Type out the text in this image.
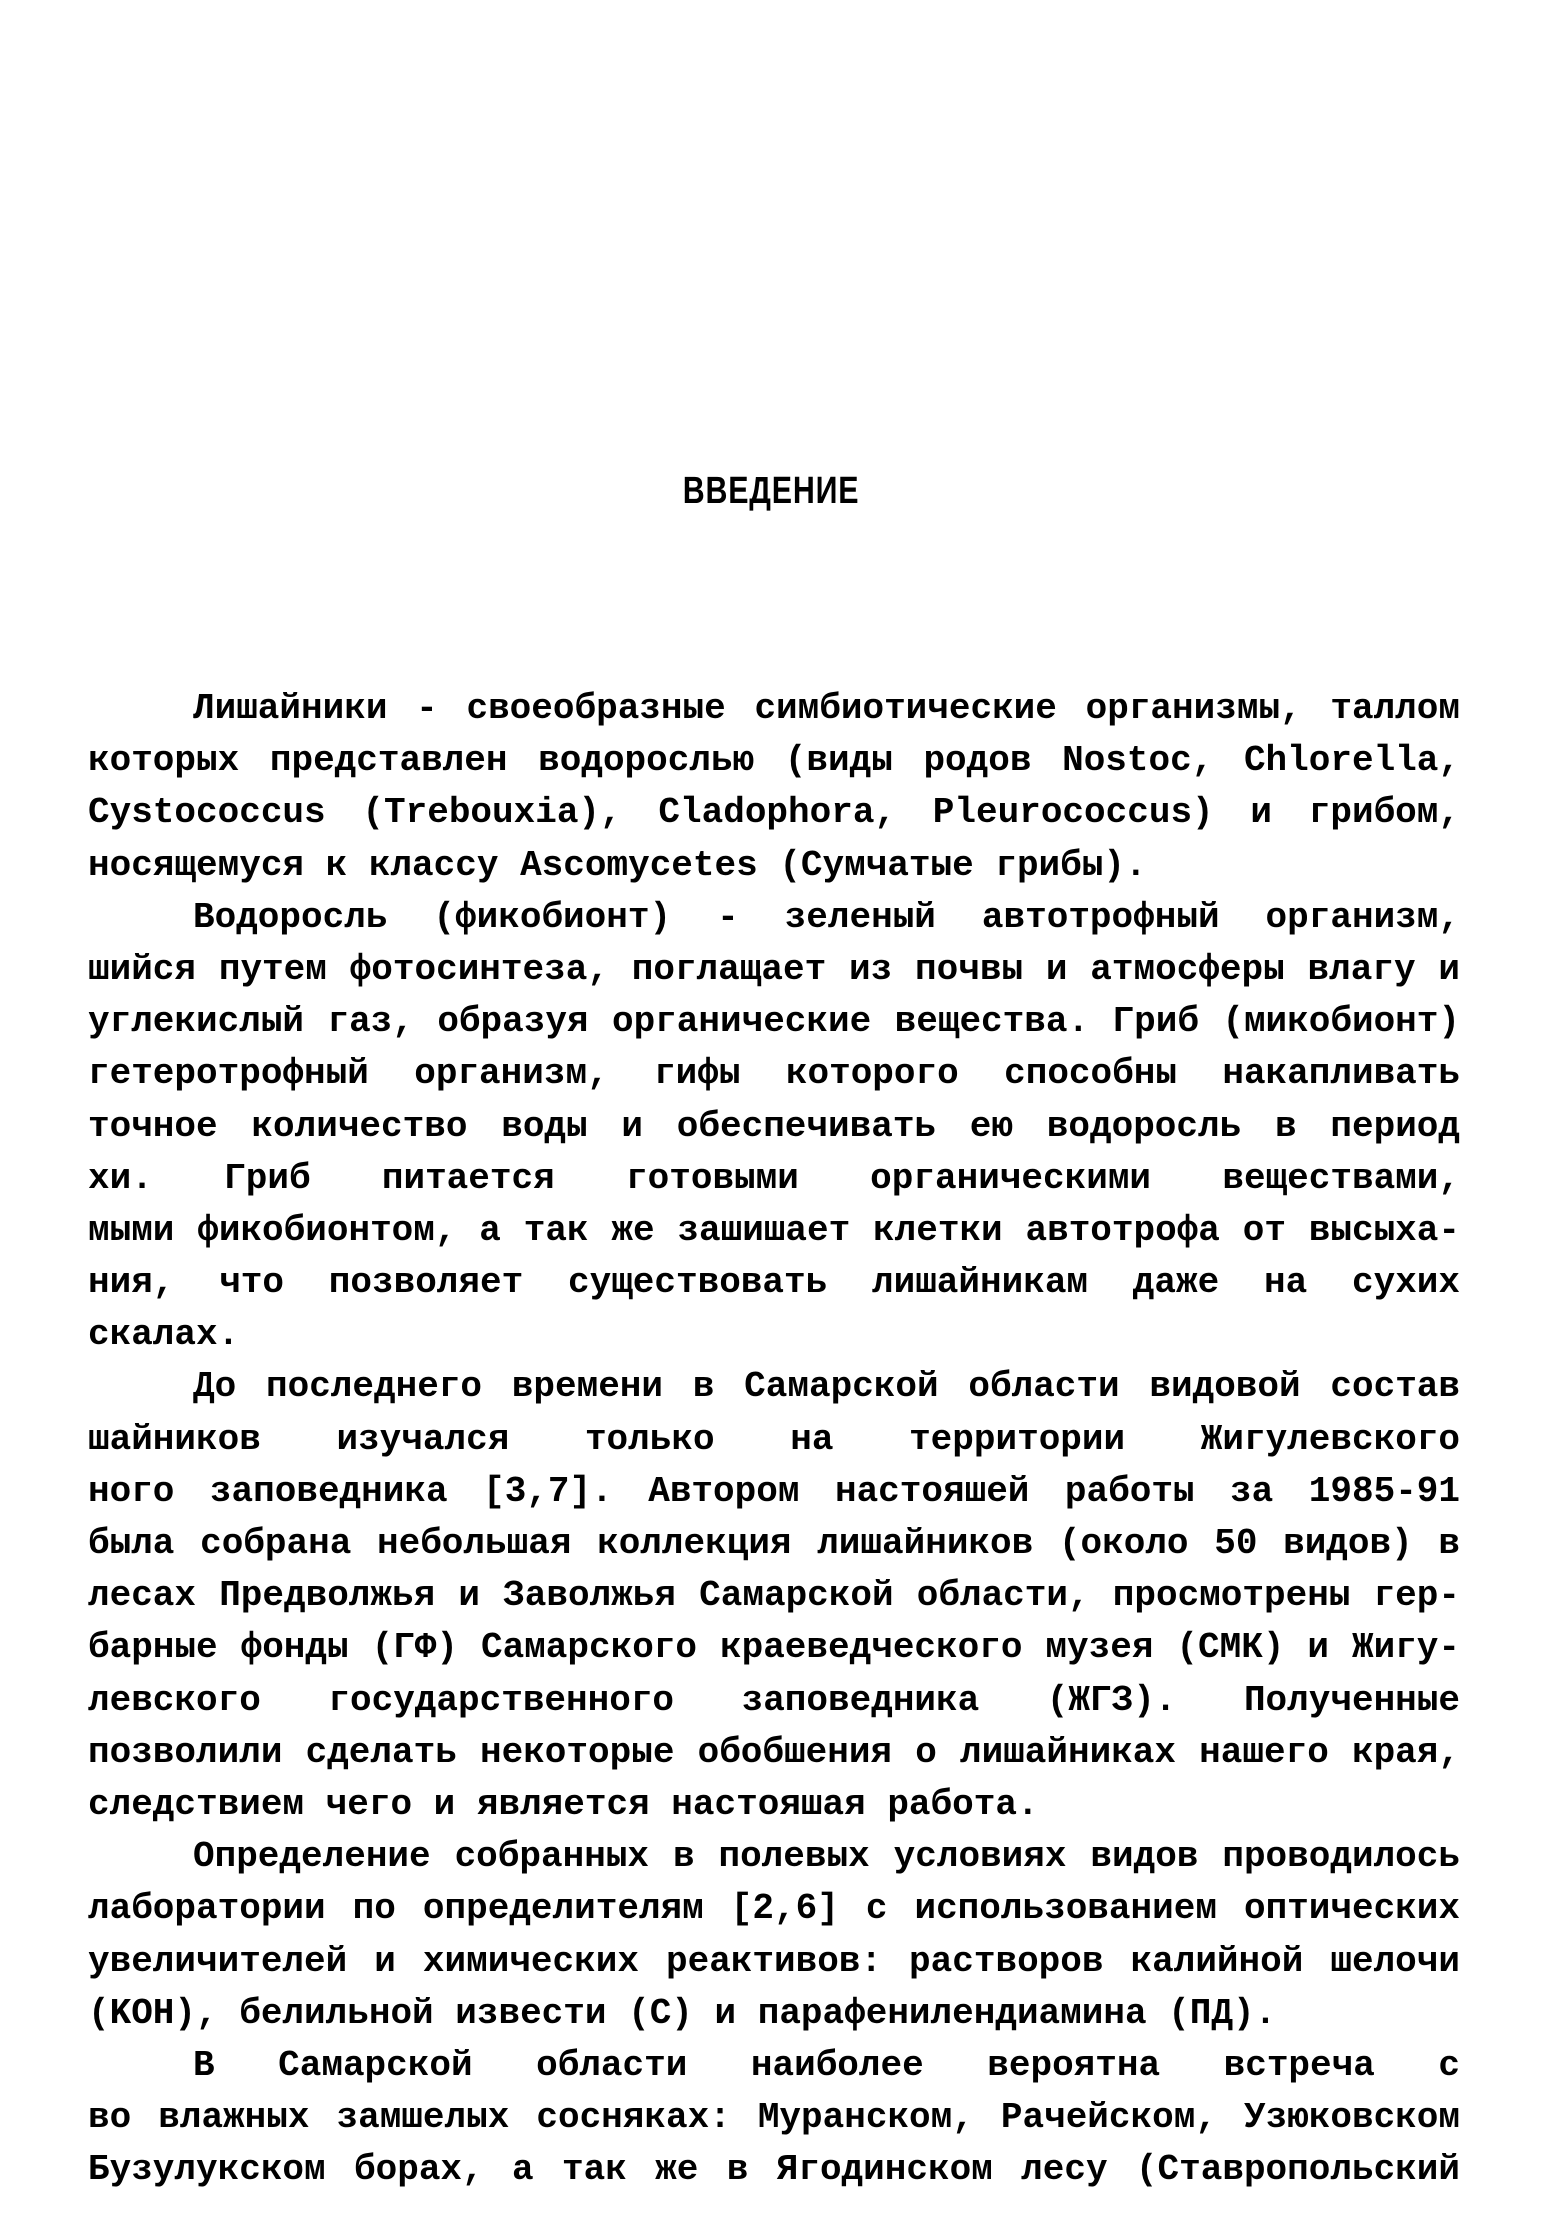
ВВЕДЕНИЕ
Лишайники - своеобразные симбиотические организмы, таллом
которых представлен водорослью (виды родов Nostoc, Chlorella,
Cystococcus (Trebouxia), Cladophora, Pleurococcus) и грибом,
носящемуся к классу Ascomycetes (Сумчатые грибы).
Водоросль (фикобионт) - зеленый автотрофный организм,
шийся путем фотосинтеза, поглащает из почвы и атмосферы влагу и
углекислый газ, образуя органические вещества. Гриб (микобионт)
гетеротрофный организм, гифы которого способны накапливать
точное количество воды и обеспечивать ею водоросль в период
хи. Гриб питается готовыми органическими веществами,
мыми фикобионтом, а так же зашишает клетки автотрофа от высыха-
ния, что позволяет существовать лишайникам даже на сухих
скалах.
До последнего времени в Самарской области видовой состав
шайников изучался только на территории Жигулевского
ного заповедника [3,7]. Автором настояшей работы за 1985-91
была собрана небольшая коллекция лишайников (около 50 видов) в
лесах Предволжья и Заволжья Самарской области, просмотрены гер-
барные фонды (ГФ) Самарского краеведческого музея (СМК) и Жигу-
левского государственного заповедника (ЖГЗ). Полученные
позволили сделать некоторые обобшения о лишайниках нашего края,
следствием чего и является настояшая работа.
Определение собранных в полевых условиях видов проводилось
лаборатории по определителям [2,6] с использованием оптических
увеличителей и химических реактивов: растворов калийной шелочи
(KOH), белильной извести (C) и парафенилендиамина (ПД).
В Самарской области наиболее вероятна встреча с
во влажных замшелых сосняках: Муранском, Рачейском, Узюковском
Бузулукском борах, а так же в Ягодинском лесу (Ставропольский
